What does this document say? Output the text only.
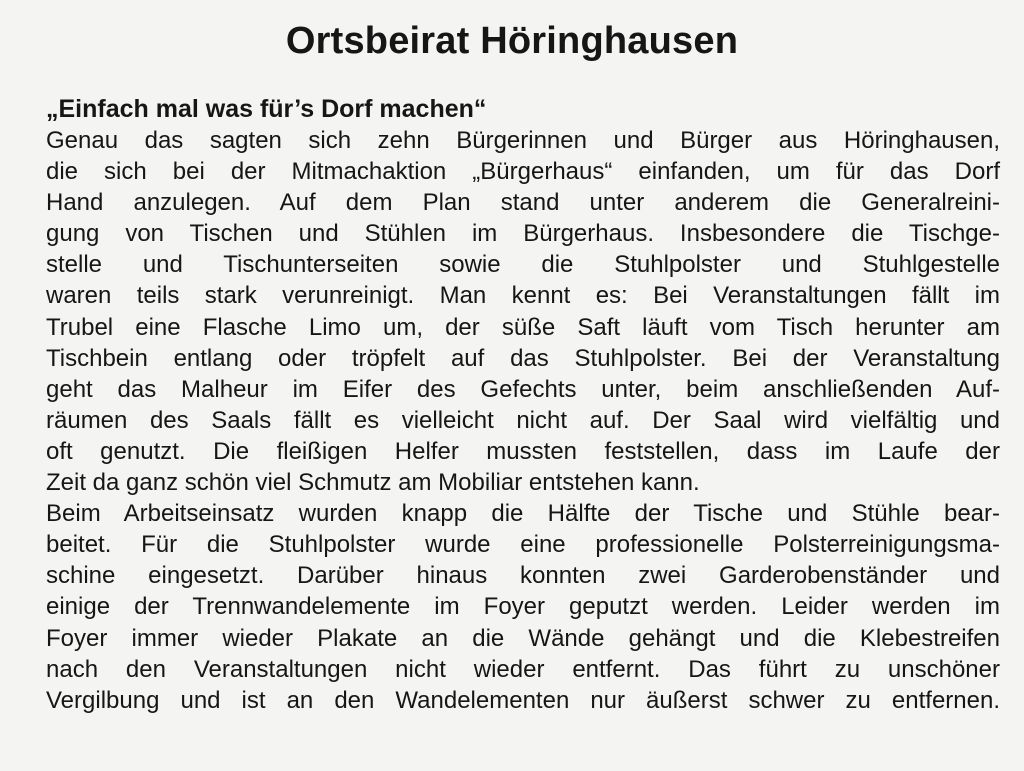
Ortsbeirat Höringhausen
„Einfach mal was für’s Dorf machen“
Genau das sagten sich zehn Bürgerinnen und Bürger aus Höringhausen,
die sich bei der Mitmachaktion „Bürgerhaus“ einfanden, um für das Dorf
Hand anzulegen. Auf dem Plan stand unter anderem die Generalreini-
gung von Tischen und Stühlen im Bürgerhaus. Insbesondere die Tischge-
stelle und Tischunterseiten sowie die Stuhlpolster und Stuhlgestelle
waren teils stark verunreinigt. Man kennt es: Bei Veranstaltungen fällt im
Trubel eine Flasche Limo um, der süße Saft läuft vom Tisch herunter am
Tischbein entlang oder tröpfelt auf das Stuhlpolster. Bei der Veranstaltung
geht das Malheur im Eifer des Gefechts unter, beim anschließenden Auf-
räumen des Saals fällt es vielleicht nicht auf. Der Saal wird vielfältig und
oft genutzt. Die fleißigen Helfer mussten feststellen, dass im Laufe der
Zeit da ganz schön viel Schmutz am Mobiliar entstehen kann.
Beim Arbeitseinsatz wurden knapp die Hälfte der Tische und Stühle bear-
beitet. Für die Stuhlpolster wurde eine professionelle Polsterreinigungsma-
schine eingesetzt. Darüber hinaus konnten zwei Garderobenständer und
einige der Trennwandelemente im Foyer geputzt werden. Leider werden im
Foyer immer wieder Plakate an die Wände gehängt und die Klebestreifen
nach den Veranstaltungen nicht wieder entfernt. Das führt zu unschöner
Vergilbung und ist an den Wandelementen nur äußerst schwer zu entfernen.
